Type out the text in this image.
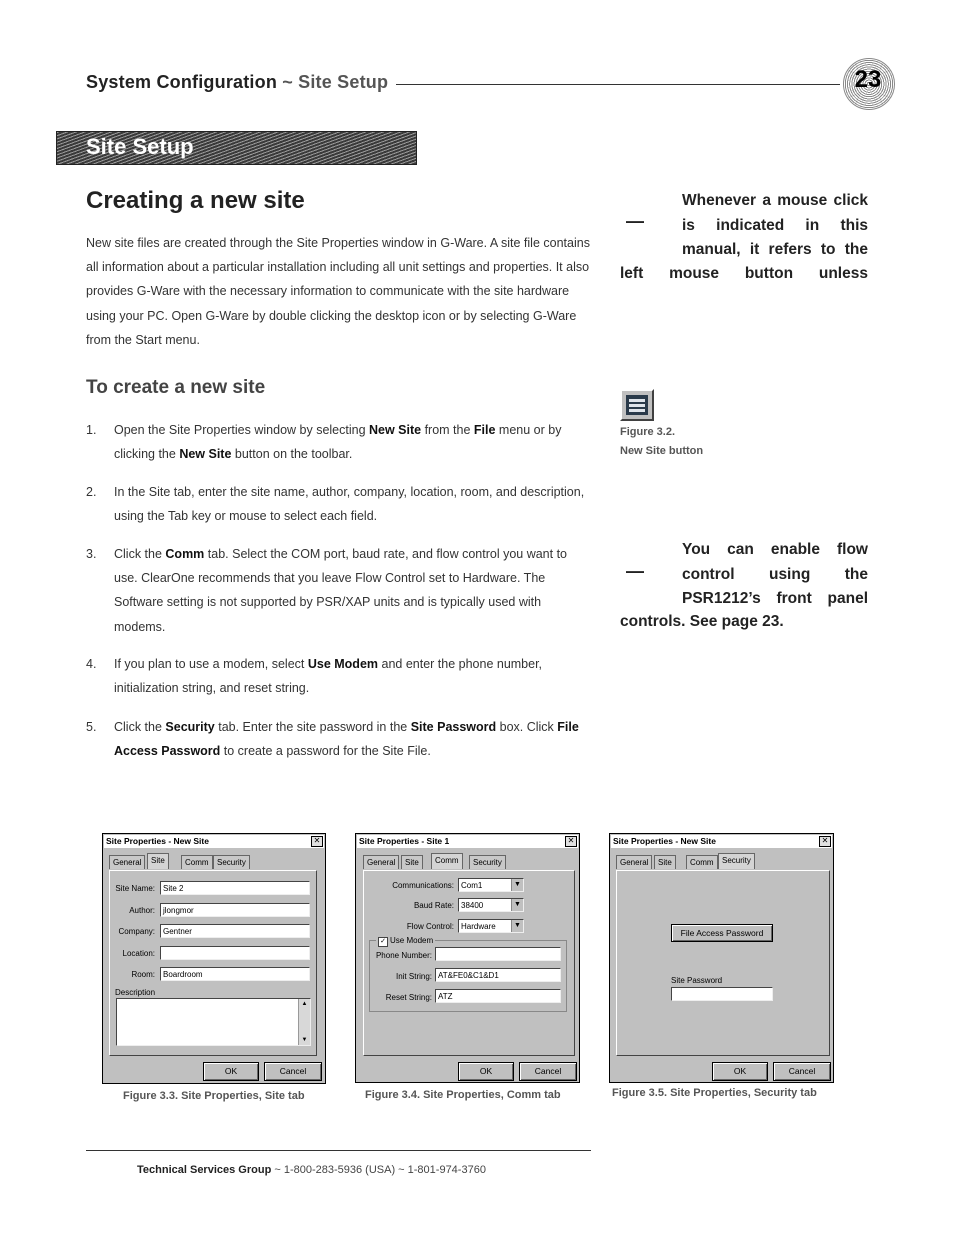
System Configuration ~ Site Setup	23
Site Setup
Creating a new site
New site files are created through the Site Properties window in G-Ware. A site file contains all information about a particular installation including all unit settings and properties. It also provides G-Ware with the necessary information to communicate with the site hardware using your PC. Open G-Ware by double clicking the desktop icon or by selecting G-Ware from the Start menu.
To create a new site
1.	Open the Site Properties window by selecting New Site from the File menu or by clicking the New Site button on the toolbar.
2.	In the Site tab, enter the site name, author, company, location, room, and description, using the Tab key or mouse to select each field.
3.	Click the Comm tab. Select the COM port, baud rate, and flow control you want to use. ClearOne recommends that you leave Flow Control set to Hardware. The Software setting is not supported by PSR/XAP units and is typically used with modems.
4.	If you plan to use a modem, select Use Modem and enter the phone number, initialization string, and reset string.
5.	Click the Security tab. Enter the site password in the Site Password box. Click File Access Password to create a password for the Site File.
—
Whenever a mouse click
is indicated in this
manual, it refers to the
left mouse button unless
Figure 3.2.
New Site button
—
You can enable flow
control using the
PSR1212’s front panel
controls. See page 23.
Site Properties - New Site	✕
General	Site	Comm	Security
Site Name:	Site 2
Author:	jlongmor
Company:	Gentner
Location:
Room:	Boardroom
Description
▲
▼
OK	Cancel
Figure 3.3. Site Properties, Site tab
Site Properties - Site 1	✕
General	Site	Comm	Security
Communications: Com1	▼
Baud Rate: 38400	▼
Flow Control: Hardware	▼
✓ Use Modem
Phone Number:
Init String: AT&FE0&C1&D1
Reset String: ATZ
OK	Cancel
Figure 3.4. Site Properties, Comm tab
Site Properties - New Site	✕
General	Site	Comm	Security
File Access Password
Site Password
OK	Cancel
Figure 3.5. Site Properties, Security tab
Technical Services Group ~ 1-800-283-5936 (USA) ~ 1-801-974-3760
